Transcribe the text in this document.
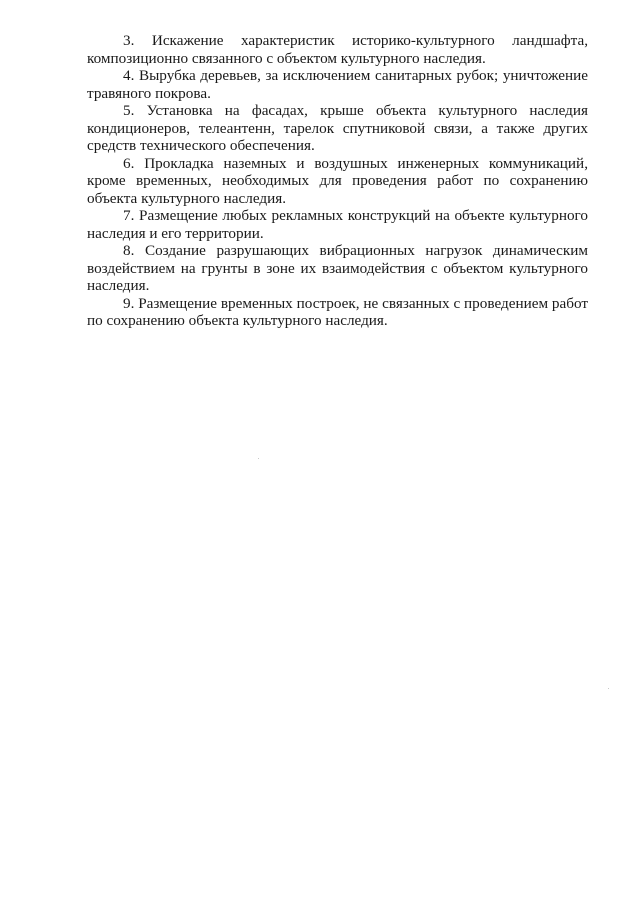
3. Искажение характеристик историко-культурного ландшафта, композиционно связанного с объектом культурного наследия.

4. Вырубка деревьев, за исключением санитарных рубок; уничтожение травяного покрова.

5. Установка на фасадах, крыше объекта культурного наследия кондиционеров, телеантенн, тарелок спутниковой связи, а также других средств технического обеспечения.

6. Прокладка наземных и воздушных инженерных коммуникаций, кроме временных, необходимых для проведения работ по сохранению объекта культурного наследия.

7. Размещение любых рекламных конструкций на объекте культурного наследия и его территории.

8. Создание разрушающих вибрационных нагрузок динамическим воздействием на грунты в зоне их взаимодействия с объектом культурного наследия.

9. Размещение временных построек, не связанных с проведением работ по сохранению объекта культурного наследия.
